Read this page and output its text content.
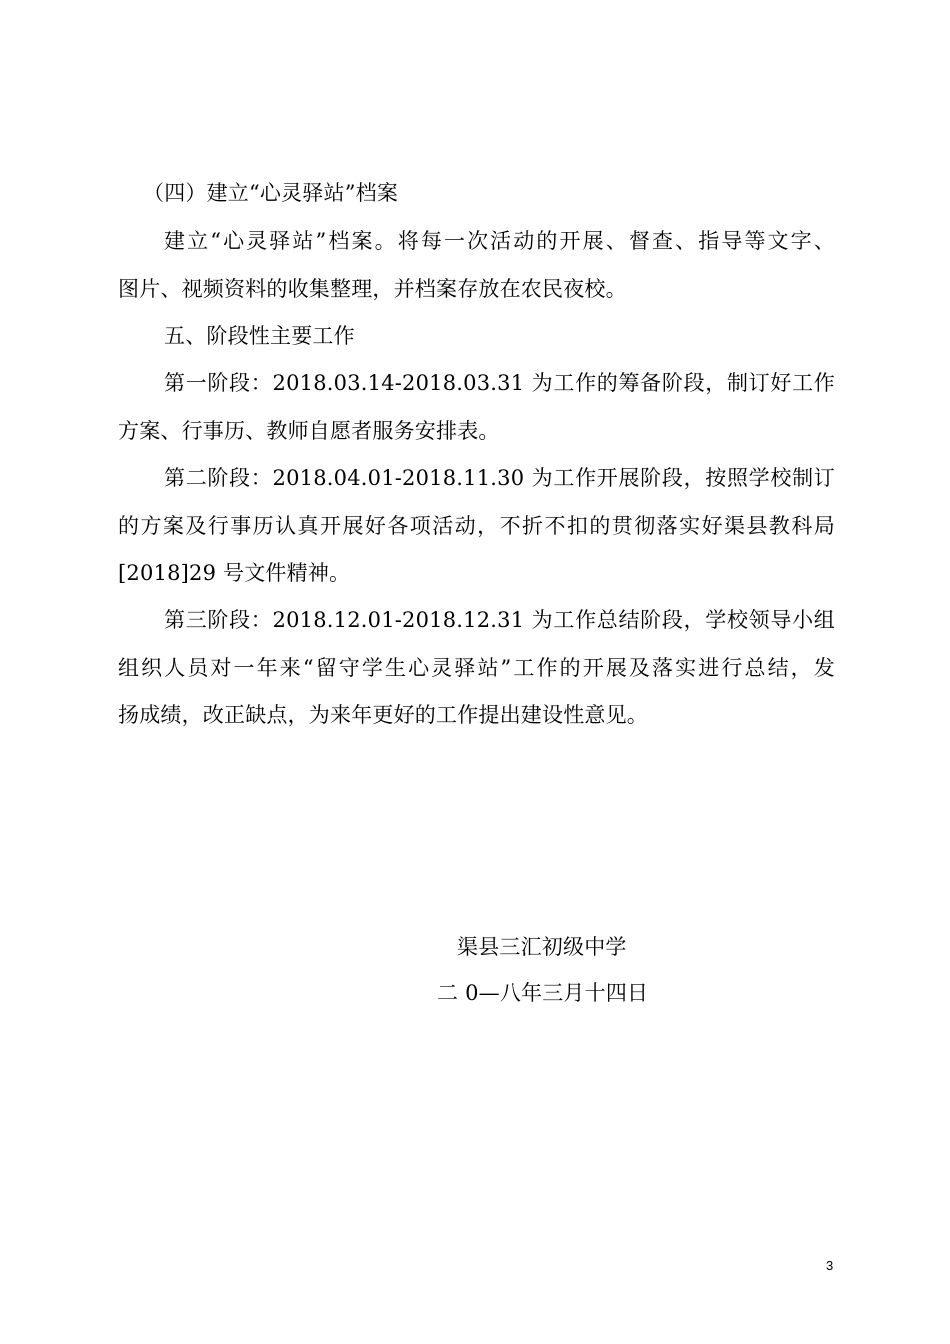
（四）建立“心灵驿站”档案
建立“心灵驿站”档案。将每一次活动的开展、督查、指导等文字、
图片、视频资料的收集整理，并档案存放在农民夜校。
五、阶段性主要工作
第一阶段：2018.03.14-2018.03.31 为工作的筹备阶段，制订好工作
方案、行事历、教师自愿者服务安排表。
第二阶段：2018.04.01-2018.11.30 为工作开展阶段，按照学校制订
的方案及行事历认真开展好各项活动，不折不扣的贯彻落实好渠县教科局
[2018]29 号文件精神。
第三阶段：2018.12.01-2018.12.31 为工作总结阶段，学校领导小组
组织人员对一年来“留守学生心灵驿站”工作的开展及落实进行总结，发
扬成绩，改正缺点，为来年更好的工作提出建设性意见。
渠县三汇初级中学
二 0—八年三月十四日
3
